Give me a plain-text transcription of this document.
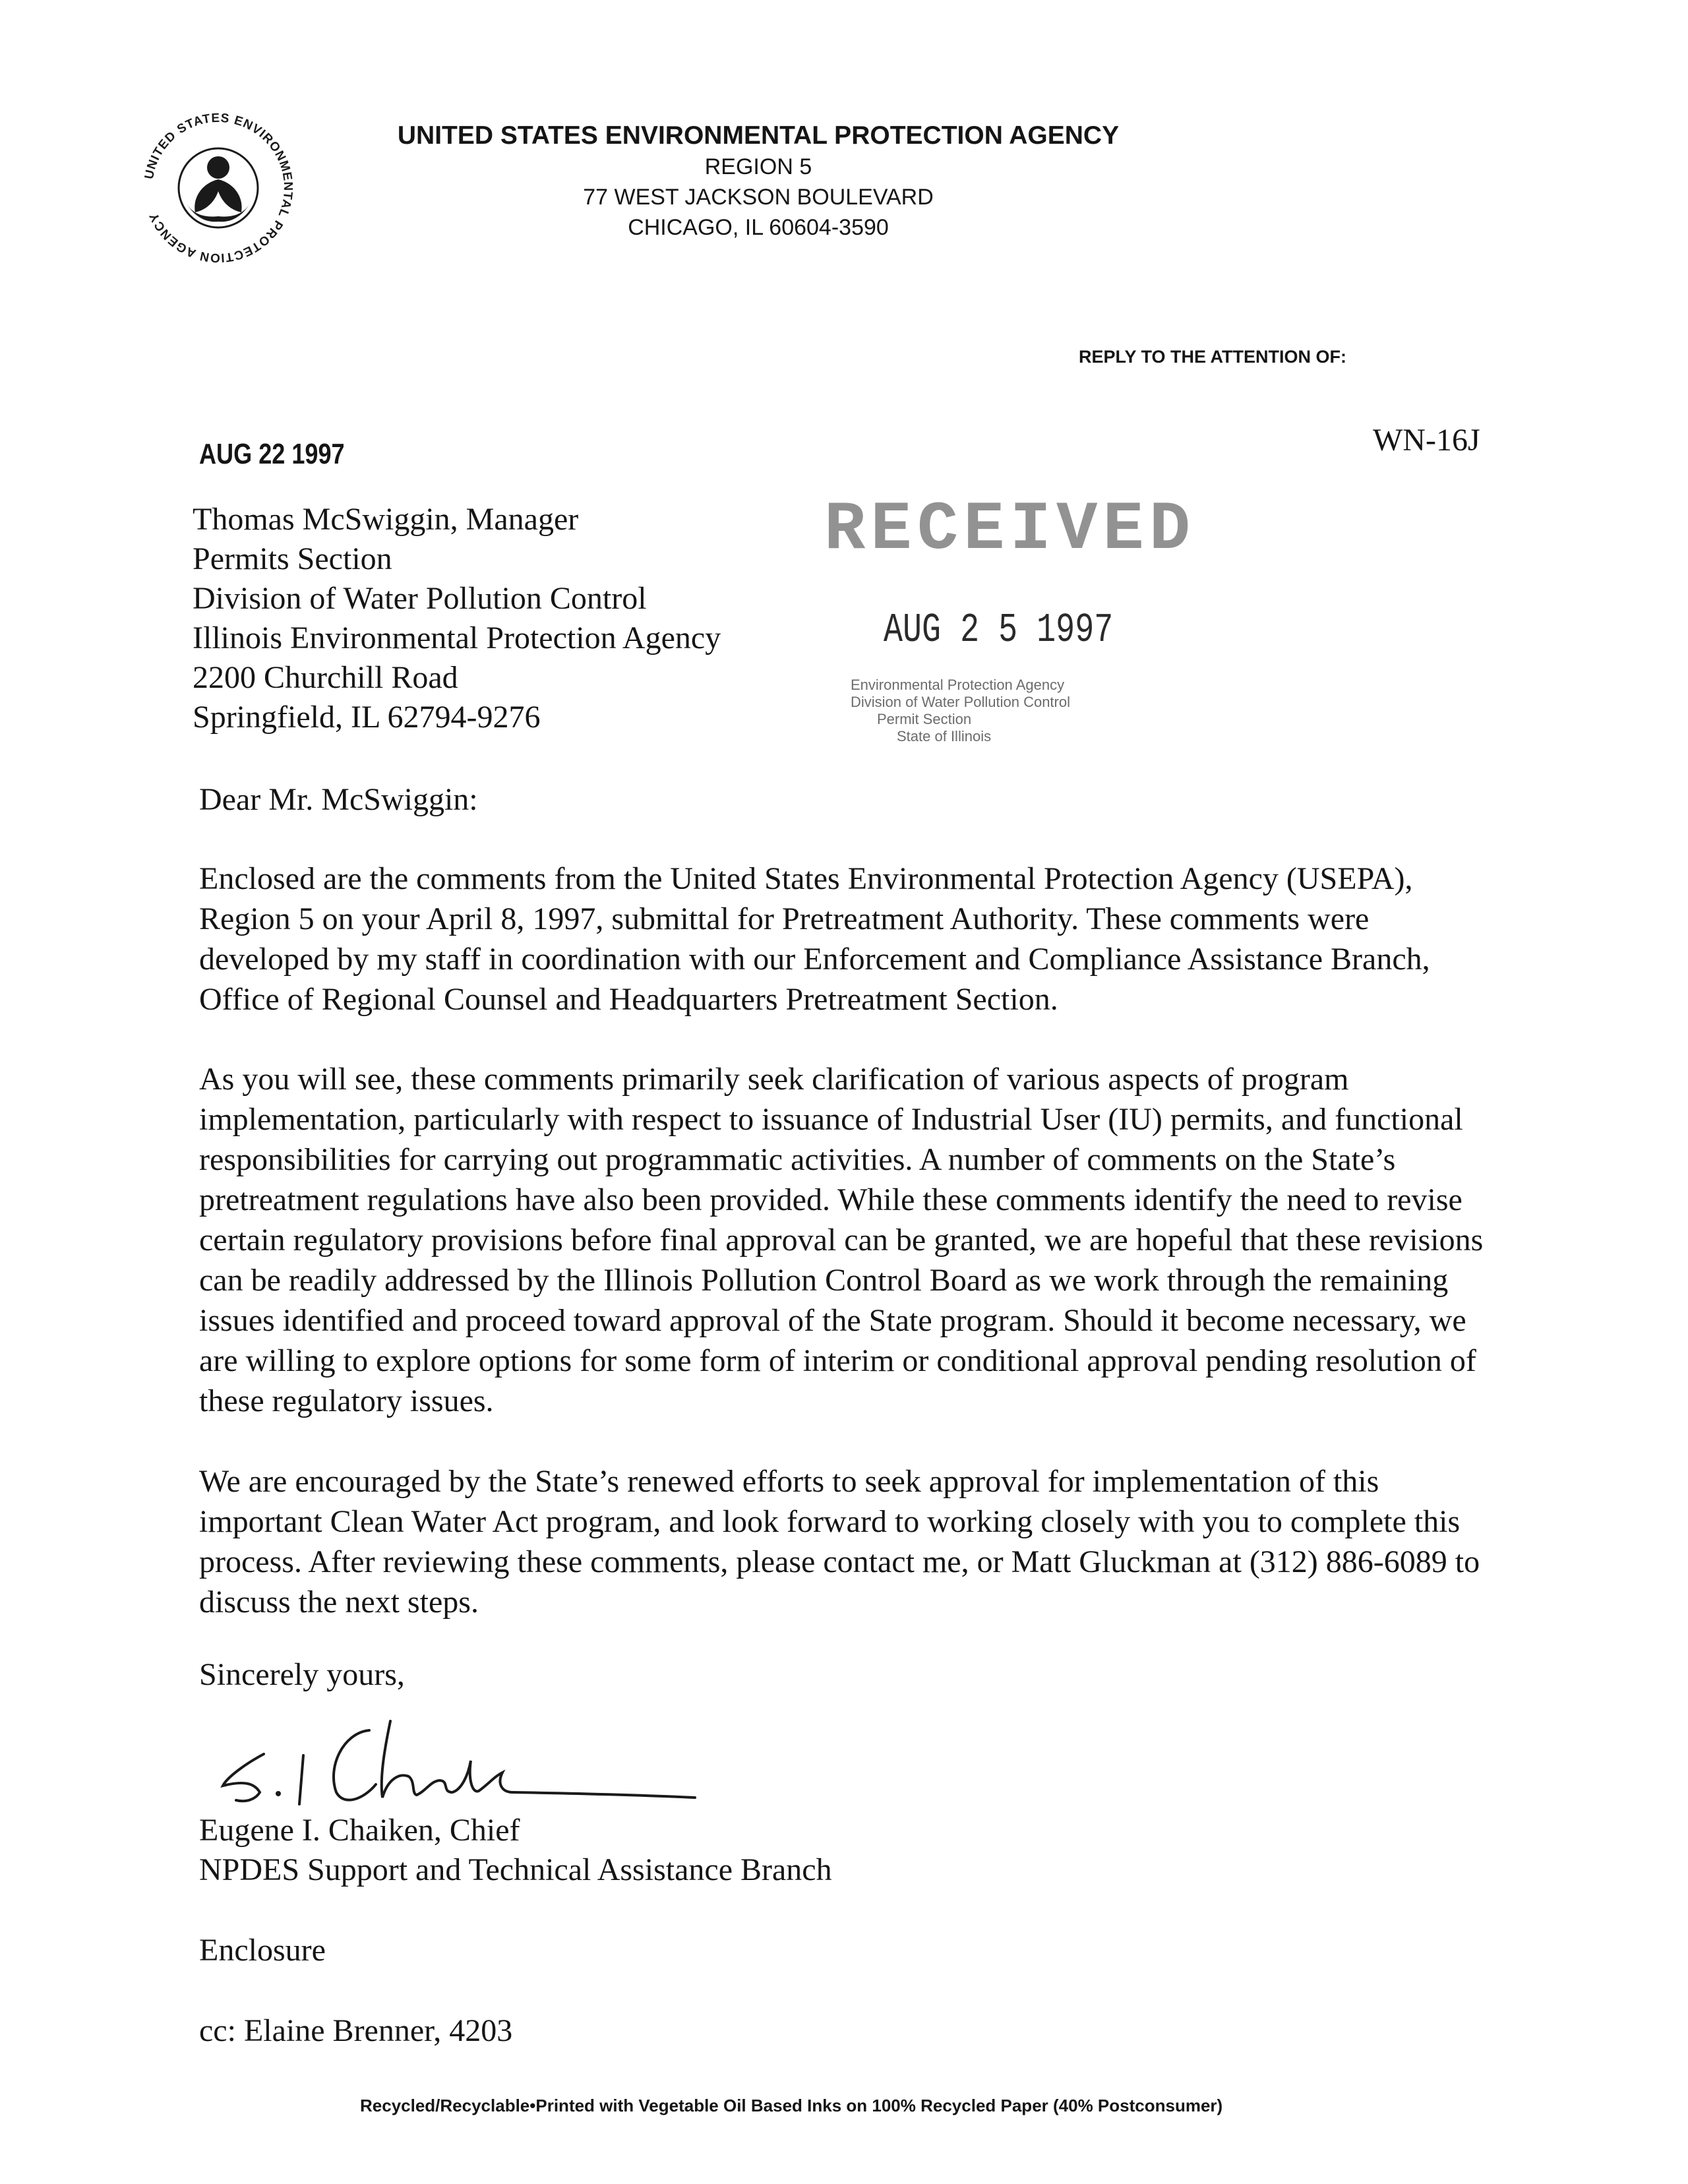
UNITED STATES ENVIRONMENTAL PROTECTION AGENCY
UNITED STATES ENVIRONMENTAL PROTECTION AGENCY
REGION 5
77 WEST JACKSON BOULEVARD
CHICAGO, IL 60604-3590
REPLY TO THE ATTENTION OF:
WN-16J
AUG 22 1997
Thomas McSwiggin, Manager
Permits Section
Division of Water Pollution Control
Illinois Environmental Protection Agency
2200 Churchill Road
Springfield, IL 62794-9276
RECEIVED
AUG 2 5 1997
Environmental Protection Agency
Division of Water Pollution Control
Permit Section
State of Illinois
Dear Mr. McSwiggin:

Enclosed are the comments from the United States Environmental Protection Agency (USEPA), Region 5 on your April 8, 1997, submittal for Pretreatment Authority. These comments were developed by my staff in coordination with our Enforcement and Compliance Assistance Branch, Office of Regional Counsel and Headquarters Pretreatment Section.

As you will see, these comments primarily seek clarification of various aspects of program implementation, particularly with respect to issuance of Industrial User (IU) permits, and functional responsibilities for carrying out programmatic activities. A number of comments on the State’s pretreatment regulations have also been provided. While these comments identify the need to revise certain regulatory provisions before final approval can be granted, we are hopeful that these revisions can be readily addressed by the Illinois Pollution Control Board as we work through the remaining issues identified and proceed toward approval of the State program. Should it become necessary, we are willing to explore options for some form of interim or conditional approval pending resolution of these regulatory issues.

We are encouraged by the State’s renewed efforts to seek approval for implementation of this important Clean Water Act program, and look forward to working closely with you to complete this process. After reviewing these comments, please contact me, or Matt Gluckman at (312) 886-6089 to discuss the next steps.

Sincerely yours,
Eugene I. Chaiken, Chief
NPDES Support and Technical Assistance Branch
Enclosure
cc: Elaine Brenner, 4203
Recycled/Recyclable•Printed with Vegetable Oil Based Inks on 100% Recycled Paper (40% Postconsumer)
